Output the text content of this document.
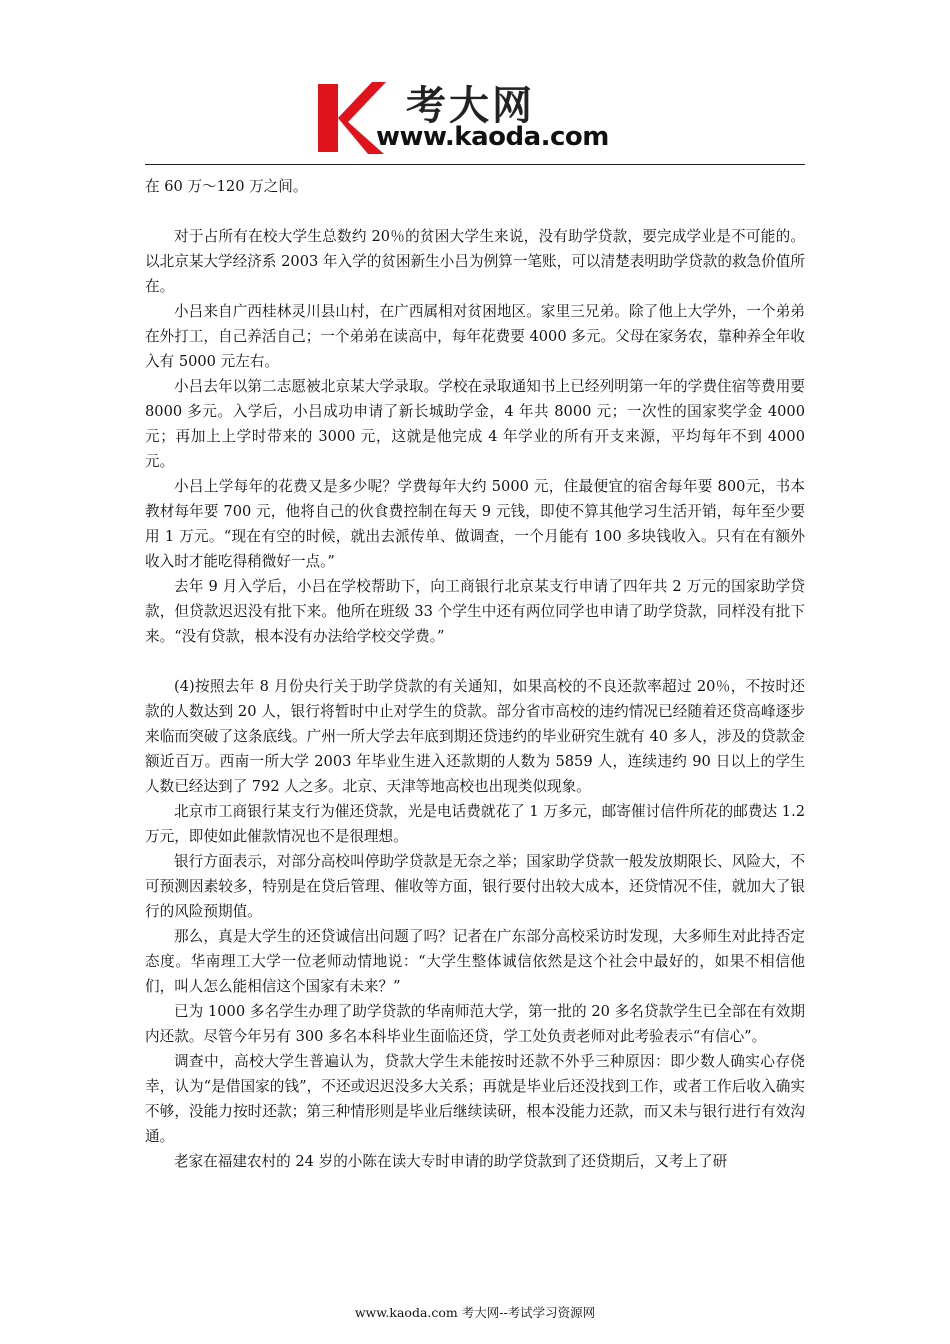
考大网
www.kaoda.com

在 60 万～120 万之间。

对于占所有在校大学生总数约 20％的贫困大学生来说，没有助学贷款，要完成学业是不可能的。以北京某大学经济系 2003 年入学的贫困新生小吕为例算一笔账，可以清楚表明助学贷款的救急价值所在。

小吕来自广西桂林灵川县山村，在广西属相对贫困地区。家里三兄弟。除了他上大学外，一个弟弟在外打工，自己养活自己；一个弟弟在读高中，每年花费要 4000 多元。父母在家务农，靠种养全年收入有 5000 元左右。

小吕去年以第二志愿被北京某大学录取。学校在录取通知书上已经列明第一年的学费住宿等费用要 8000 多元。入学后，小吕成功申请了新长城助学金，4 年共 8000 元；一次性的国家奖学金 4000 元；再加上上学时带来的 3000 元，这就是他完成 4 年学业的所有开支来源，平均每年不到 4000 元。

小吕上学每年的花费又是多少呢？学费每年大约 5000 元，住最便宜的宿舍每年要 800元，书本教材每年要 700 元，他将自己的伙食费控制在每天 9 元钱，即使不算其他学习生活开销，每年至少要用 1 万元。“现在有空的时候，就出去派传单、做调查，一个月能有 100 多块钱收入。只有在有额外收入时才能吃得稍微好一点。”

去年 9 月入学后，小吕在学校帮助下，向工商银行北京某支行申请了四年共 2 万元的国家助学贷款，但贷款迟迟没有批下来。他所在班级 33 个学生中还有两位同学也申请了助学贷款，同样没有批下来。“没有贷款，根本没有办法给学校交学费。”

(4)按照去年 8 月份央行关于助学贷款的有关通知，如果高校的不良还款率超过 20％，不按时还款的人数达到 20 人，银行将暂时中止对学生的贷款。部分省市高校的违约情况已经随着还贷高峰逐步来临而突破了这条底线。广州一所大学去年底到期还贷违约的毕业研究生就有 40 多人，涉及的贷款金额近百万。西南一所大学 2003 年毕业生进入还款期的人数为 5859 人，连续违约 90 日以上的学生人数已经达到了 792 人之多。北京、天津等地高校也出现类似现象。

北京市工商银行某支行为催还贷款，光是电话费就花了 1 万多元，邮寄催讨信件所花的邮费达 1.2 万元，即使如此催款情况也不是很理想。

银行方面表示，对部分高校叫停助学贷款是无奈之举；国家助学贷款一般发放期限长、风险大，不可预测因素较多，特别是在贷后管理、催收等方面，银行要付出较大成本，还贷情况不佳，就加大了银行的风险预期值。

那么，真是大学生的还贷诚信出问题了吗？记者在广东部分高校采访时发现，大多师生对此持否定态度。华南理工大学一位老师动情地说：“大学生整体诚信依然是这个社会中最好的，如果不相信他们，叫人怎么能相信这个国家有未来？”

已为 1000 多名学生办理了助学贷款的华南师范大学，第一批的 20 多名贷款学生已全部在有效期内还款。尽管今年另有 300 多名本科毕业生面临还贷，学工处负责老师对此考验表示“有信心”。

调查中，高校大学生普遍认为，贷款大学生未能按时还款不外乎三种原因：即少数人确实心存侥幸，认为“是借国家的钱”，不还或迟迟没多大关系；再就是毕业后还没找到工作，或者工作后收入确实不够，没能力按时还款；第三种情形则是毕业后继续读研，根本没能力还款，而又未与银行进行有效沟通。

老家在福建农村的 24 岁的小陈在读大专时申请的助学贷款到了还贷期后，又考上了研

www.kaoda.com 考大网--考试学习资源网
